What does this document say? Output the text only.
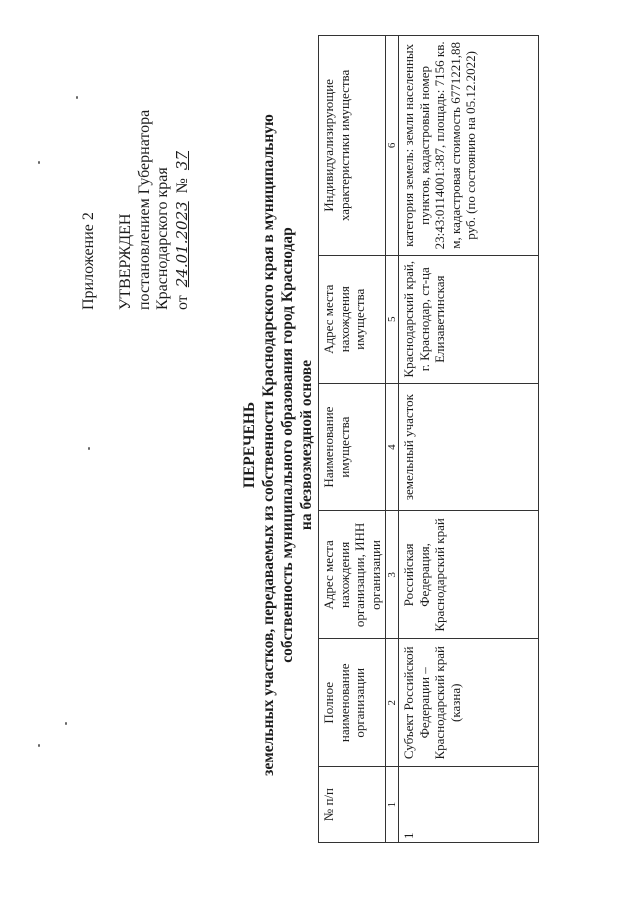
Приложение 2 УТВЕРЖДЕН постановлением Губернатора Краснодарского края от 24.01.2023 № 37
ПЕРЕЧЕНЬ земельных участков, передаваемых из собственности Краснодарского края в муниципальную собственность муниципального образования город Краснодар на безвозмездной основе
№ п/п	Полное наименование организации	Адрес места нахождения организации, ИНН организации	Наименование имущества	Адрес места нахождения имущества	Индивидуализирующие характеристики имущества
1	2	3	4	5	6
1	Субъект Российской Федерации – Краснодарский край (казна)	Российская Федерация, Краснодарский край	земельный участок	Краснодарский край, г. Краснодар, ст-ца Елизаветинская	категория земель: земли населенных пунктов, кадастровый номер 23:43:0114001:387, площадь: 7156 кв. м, кадастровая стоимость 6771221,88 руб. (по состоянию на 05.12.2022)
